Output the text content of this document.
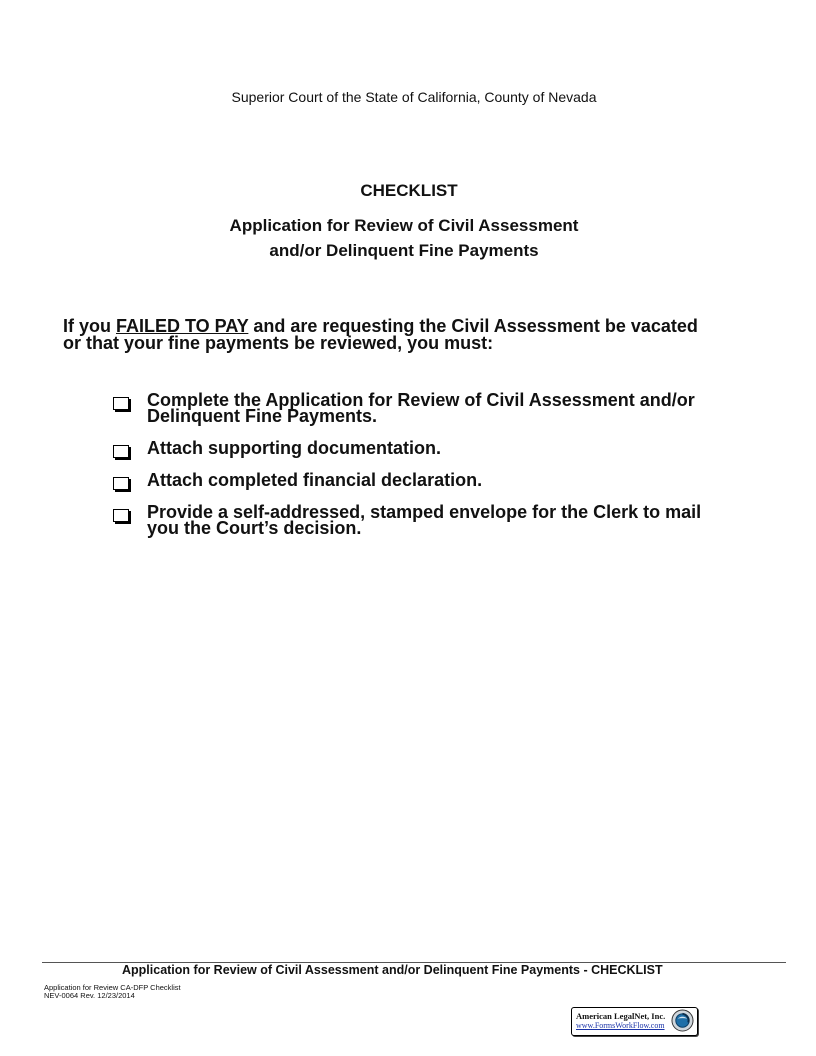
Superior Court of the State of California, County of Nevada
CHECKLIST
Application for Review of Civil Assessment
and/or Delinquent Fine Payments
If you FAILED TO PAY and are requesting the Civil Assessment be vacated or that your fine payments be reviewed, you must:
Complete the Application for Review of Civil Assessment and/or Delinquent Fine Payments.
Attach supporting documentation.
Attach completed financial declaration.
Provide a self-addressed, stamped envelope for the Clerk to mail you the Court’s decision.
Application for Review of Civil Assessment and/or Delinquent Fine Payments - CHECKLIST
Application for Review CA-DFP Checklist
NEV-0064 Rev. 12/23/2014
American LegalNet, Inc.
www.FormsWorkFlow.com
